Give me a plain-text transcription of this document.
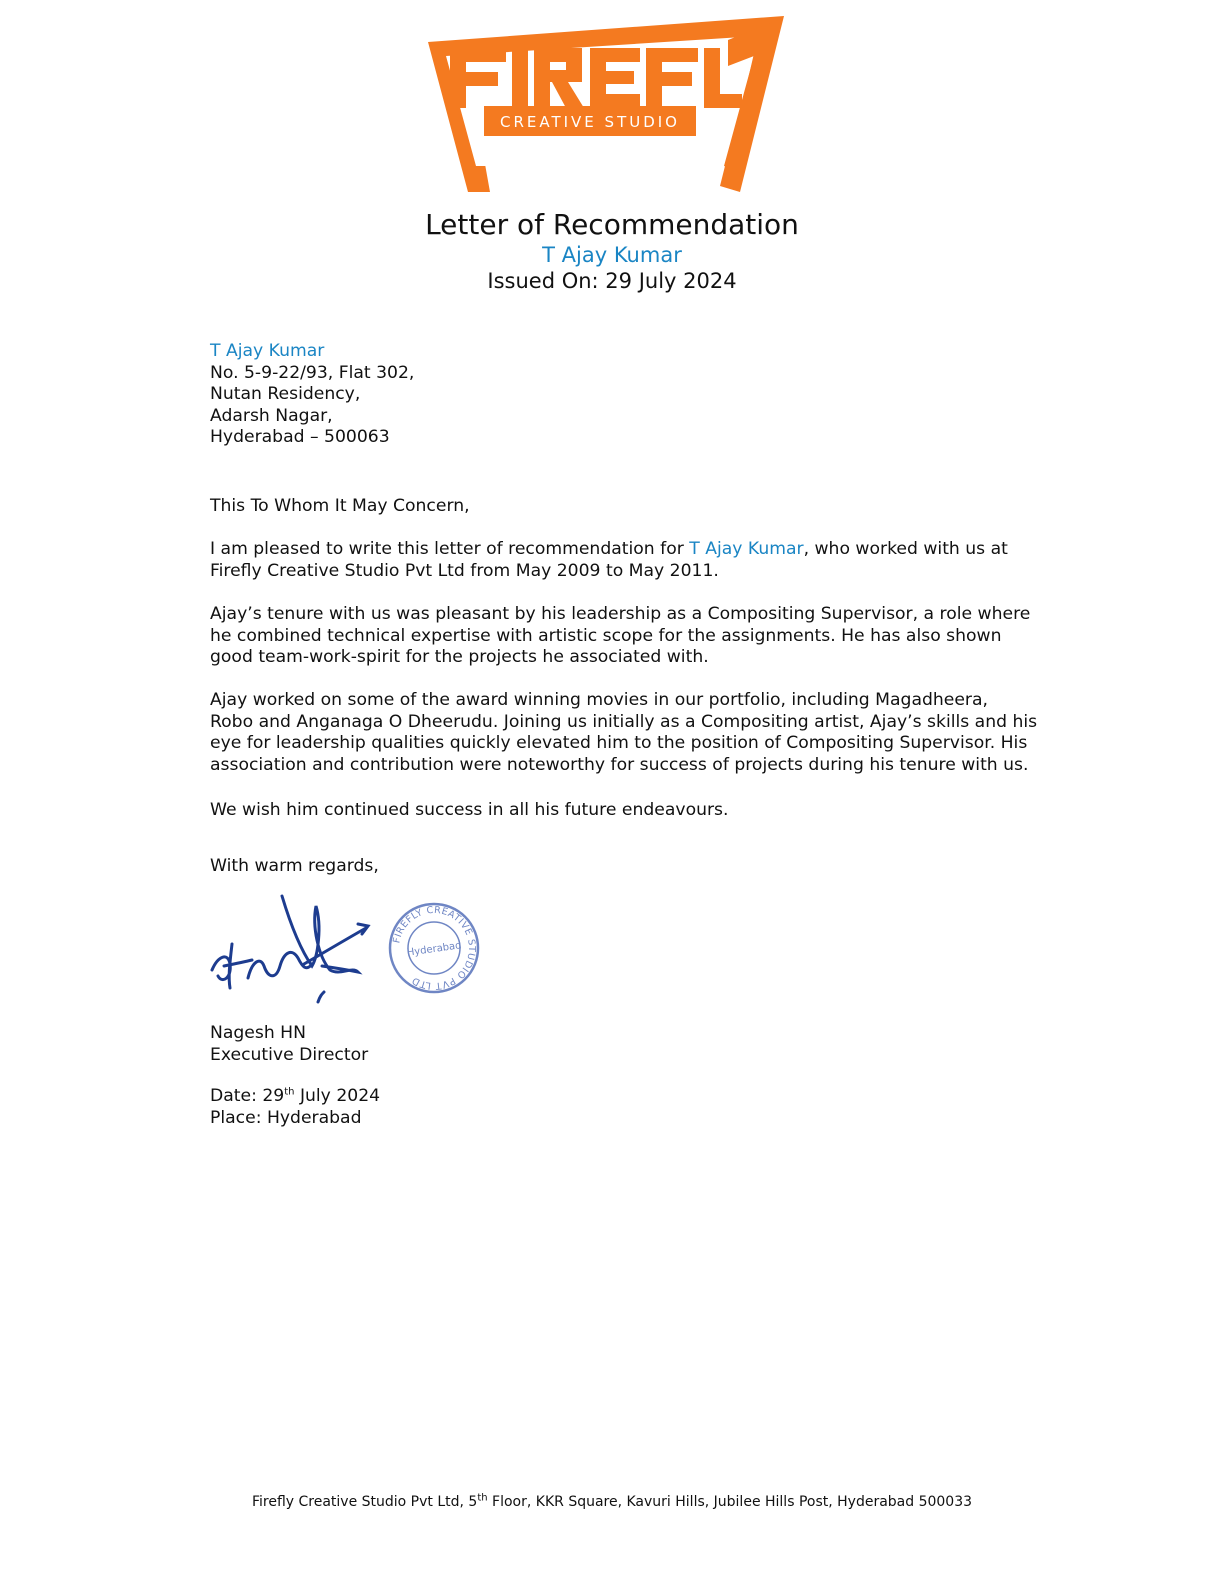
CREATIVE STUDIO
Letter of Recommendation
T Ajay Kumar
Issued On: 29 July 2024
T Ajay Kumar
No. 5-9-22/93, Flat 302,
Nutan Residency,
Adarsh Nagar,
Hyderabad – 500063
This To Whom It May Concern,
I am pleased to write this letter of recommendation for T Ajay Kumar, who worked with us at
Firefly Creative Studio Pvt Ltd from May 2009 to May 2011.
Ajay’s tenure with us was pleasant by his leadership as a Compositing Supervisor, a role where
he combined technical expertise with artistic scope for the assignments. He has also shown
good team-work-spirit for the projects he associated with.
Ajay worked on some of the award winning movies in our portfolio, including Magadheera,
Robo and Anganaga O Dheerudu. Joining us initially as a Compositing artist, Ajay’s skills and his
eye for leadership qualities quickly elevated him to the position of Compositing Supervisor. His
association and contribution were noteworthy for success of projects during his tenure with us.
We wish him continued success in all his future endeavours.
With warm regards,
FIREFLY CREATIVE STUDIO PVT LTD
Hyderabad
Nagesh HN
Executive Director
Date: 29th July 2024
Place: Hyderabad
Firefly Creative Studio Pvt Ltd, 5th Floor, KKR Square, Kavuri Hills, Jubilee Hills Post, Hyderabad 500033
